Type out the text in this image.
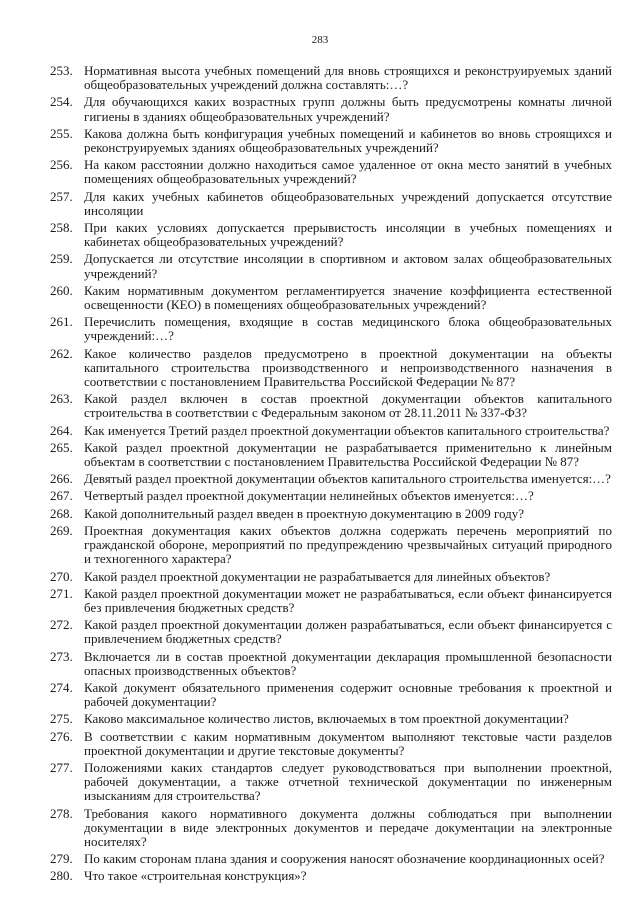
283
253. Нормативная высота учебных помещений для вновь строящихся и реконструируемых зданий общеобразовательных учреждений должна составлять:…?
254. Для обучающихся каких возрастных групп должны быть предусмотрены комнаты личной гигиены в зданиях общеобразовательных учреждений?
255. Какова должна быть конфигурация учебных помещений и кабинетов во вновь строящихся и реконструируемых зданиях общеобразовательных учреждений?
256. На каком расстоянии должно находиться самое удаленное от окна место занятий в учебных помещениях общеобразовательных учреждений?
257. Для каких учебных кабинетов общеобразовательных учреждений допускается отсутствие инсоляции
258. При каких условиях допускается прерывистость инсоляции в учебных помещениях и кабинетах общеобразовательных учреждений?
259. Допускается ли отсутствие инсоляции в спортивном и актовом залах общеобразовательных учреждений?
260. Каким нормативным документом регламентируется значение коэффициента естественной освещенности (КЕО) в помещениях общеобразовательных учреждений?
261. Перечислить помещения, входящие в состав медицинского блока общеобразовательных учреждений:…?
262. Какое количество разделов предусмотрено в проектной документации на объекты капитального строительства производственного и непроизводственного назначения в соответствии с постановлением Правительства Российской Федерации № 87?
263. Какой раздел включен в состав проектной документации объектов капитального строительства в соответствии с Федеральным законом от 28.11.2011 № 337-ФЗ?
264. Как именуется Третий раздел проектной документации объектов капитального строительства?
265. Какой раздел проектной документации не разрабатывается применительно к линейным объектам в соответствии с постановлением Правительства Российской Федерации № 87?
266. Девятый раздел проектной документации объектов капитального строительства именуется:…?
267. Четвертый раздел проектной документации нелинейных объектов именуется:…?
268. Какой дополнительный раздел введен в проектную документацию в 2009 году?
269. Проектная документация каких объектов должна содержать перечень мероприятий по гражданской обороне, мероприятий по предупреждению чрезвычайных ситуаций природного и техногенного характера?
270. Какой раздел проектной документации не разрабатывается для линейных объектов?
271. Какой раздел проектной документации может не разрабатываться, если объект финансируется без привлечения бюджетных средств?
272. Какой раздел проектной документации должен разрабатываться, если объект финансируется с привлечением бюджетных средств?
273. Включается ли в состав проектной документации декларация промышленной безопасности опасных производственных объектов?
274. Какой документ обязательного применения содержит основные требования к проектной и рабочей документации?
275. Каково максимальное количество листов, включаемых в том проектной документации?
276. В соответствии с каким нормативным документом выполняют текстовые части разделов проектной документации и другие текстовые документы?
277. Положениями каких стандартов следует руководствоваться при выполнении проектной, рабочей документации, а также отчетной технической документации по инженерным изысканиям для строительства?
278. Требования какого нормативного документа должны соблюдаться при выполнении документации в виде электронных документов и передаче документации на электронные носителях?
279. По каким сторонам плана здания и сооружения наносят обозначение координационных осей?
280. Что такое «строительная конструкция»?
